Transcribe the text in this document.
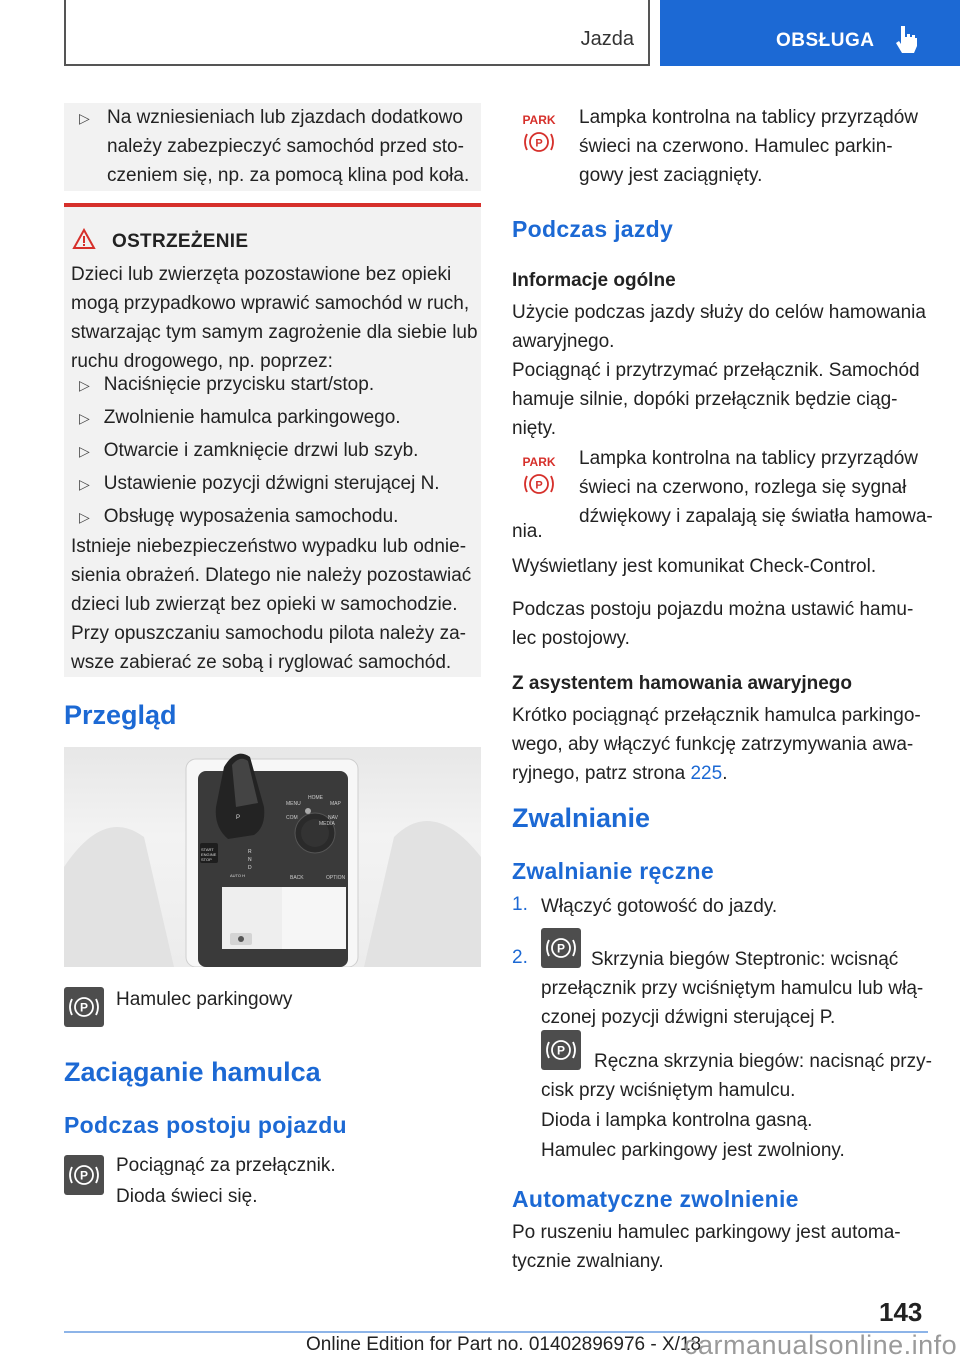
Jazda	OBSŁUGA
▷ Na wzniesieniach lub zjazdach dodatkowo
należy zabezpieczyć samochód przed sto-
czeniem się, np. za pomocą klina pod koła.
OSTRZEŻENIE
Dzieci lub zwierzęta pozostawione bez opieki
mogą przypadkowo wprawić samochód w ruch,
stwarzając tym samym zagrożenie dla siebie lub
ruchu drogowego, np. poprzez:
▷ Naciśnięcie przycisku start/stop.
▷ Zwolnienie hamulca parkingowego.
▷ Otwarcie i zamknięcie drzwi lub szyb.
▷ Ustawienie pozycji dźwigni sterującej N.
▷ Obsługę wyposażenia samochodu.
Istnieje niebezpieczeństwo wypadku lub odnie-
sienia obrażeń. Dlatego nie należy pozostawiać
dzieci lub zwierząt bez opieki w samochodzie.
Przy opuszczaniu samochodu pilota należy za-
wsze zabierać ze sobą i ryglować samochód.
Przegląd
MENU
HOME
MAP
COM	NAV
MEDIA
BACK	OPTION
START
ENGINE
STOP
P
R
N
D
AUTO H
P Hamulec parkingowy
Zaciąganie hamulca
Podczas postoju pojazdu
P Pociągnąć za przełącznik.
Dioda świeci się.
PARK
P
Lampka kontrolna na tablicy przyrządów
świeci na czerwono. Hamulec parkin-
gowy jest zaciągnięty.
Podczas jazdy
Informacje ogólne
Użycie podczas jazdy służy do celów hamowania
awaryjnego.
Pociągnąć i przytrzymać przełącznik. Samochód
hamuje silnie, dopóki przełącznik będzie ciąg-
nięty.
PARK
P
Lampka kontrolna na tablicy przyrządów
świeci na czerwono, rozlega się sygnał
dźwiękowy i zapalają się światła hamowa-
nia.
Wyświetlany jest komunikat Check-Control.
Podczas postoju pojazdu można ustawić hamu-
lec postojowy.
Z asystentem hamowania awaryjnego
Krótko pociągnąć przełącznik hamulca parkingo-
wego, aby włączyć funkcję zatrzymywania awa-
ryjnego, patrz strona 225.
Zwalnianie
Zwalnianie ręczne
1. Włączyć gotowość do jazdy.
2. P
Skrzynia biegów Steptronic: wcisnąć
przełącznik przy wciśniętym hamulcu lub włą-
czonej pozycji dźwigni sterującej P.
P
Ręczna skrzynia biegów: nacisnąć przy-
cisk przy wciśniętym hamulcu.
Dioda i lampka kontrolna gasną.
Hamulec parkingowy jest zwolniony.
Automatyczne zwolnienie
Po ruszeniu hamulec parkingowy jest automa-
tycznie zwalniany.
143
Online Edition for Part no. 01402896976 - X/18
carmanualsonline.info
